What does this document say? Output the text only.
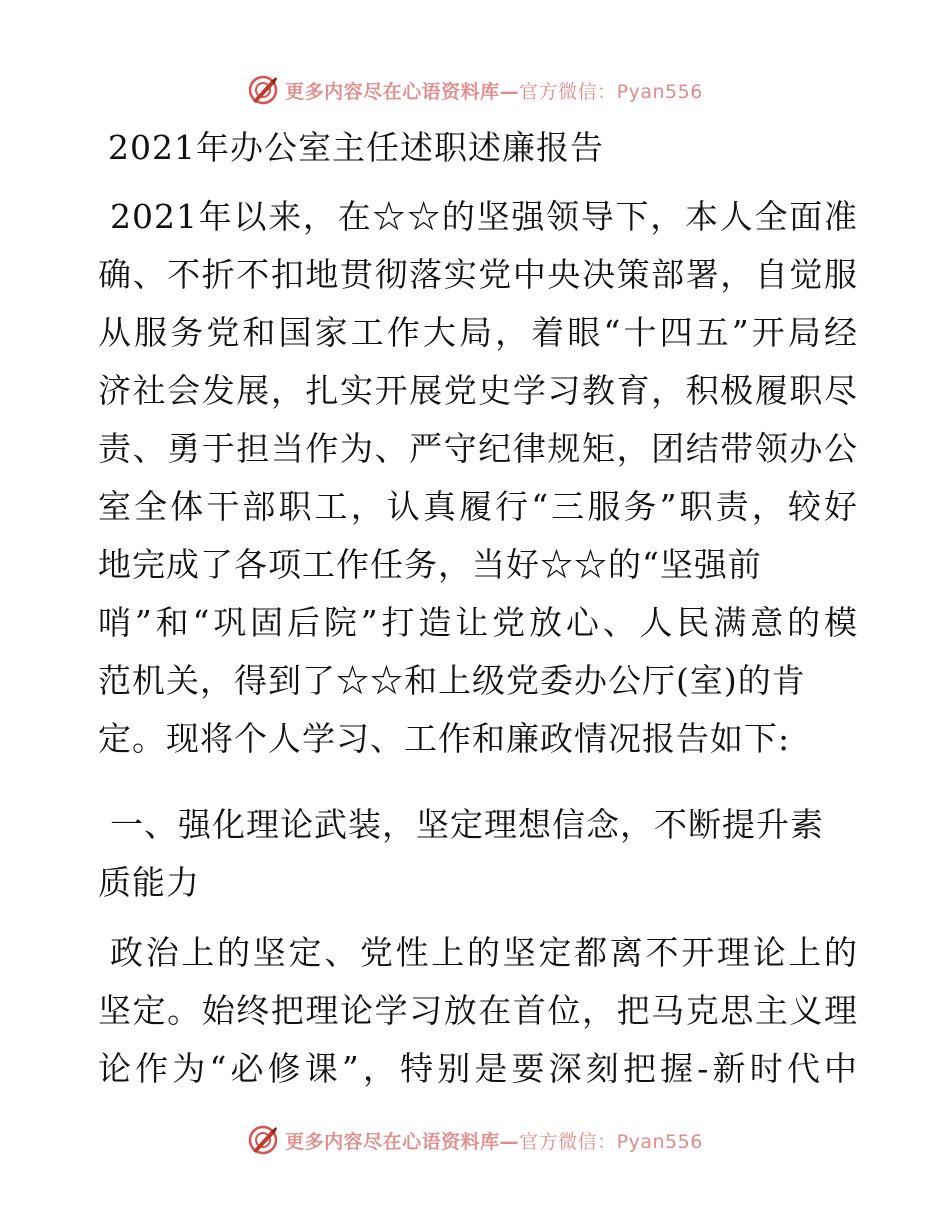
更多内容尽在心语资料库—官方微信：Pyan556
2021年办公室主任述职述廉报告
2021年以来，在☆☆的坚强领导下，本人全面准
确、不折不扣地贯彻落实党中央决策部署，自觉服
从服务党和国家工作大局，着眼“十四五”开局经
济社会发展，扎实开展党史学习教育，积极履职尽
责、勇于担当作为、严守纪律规矩，团结带领办公
室全体干部职工，认真履行“三服务”职责，较好
地完成了各项工作任务，当好☆☆的“坚强前
哨”和“巩固后院”打造让党放心、人民满意的模
范机关，得到了☆☆和上级党委办公厅(室)的肯
定。现将个人学习、工作和廉政情况报告如下:
一、强化理论武装，坚定理想信念，不断提升素
质能力
政治上的坚定、党性上的坚定都离不开理论上的
坚定。始终把理论学习放在首位，把马克思主义理
论作为“必修课”，特别是要深刻把握-新时代中
更多内容尽在心语资料库—官方微信：Pyan556
